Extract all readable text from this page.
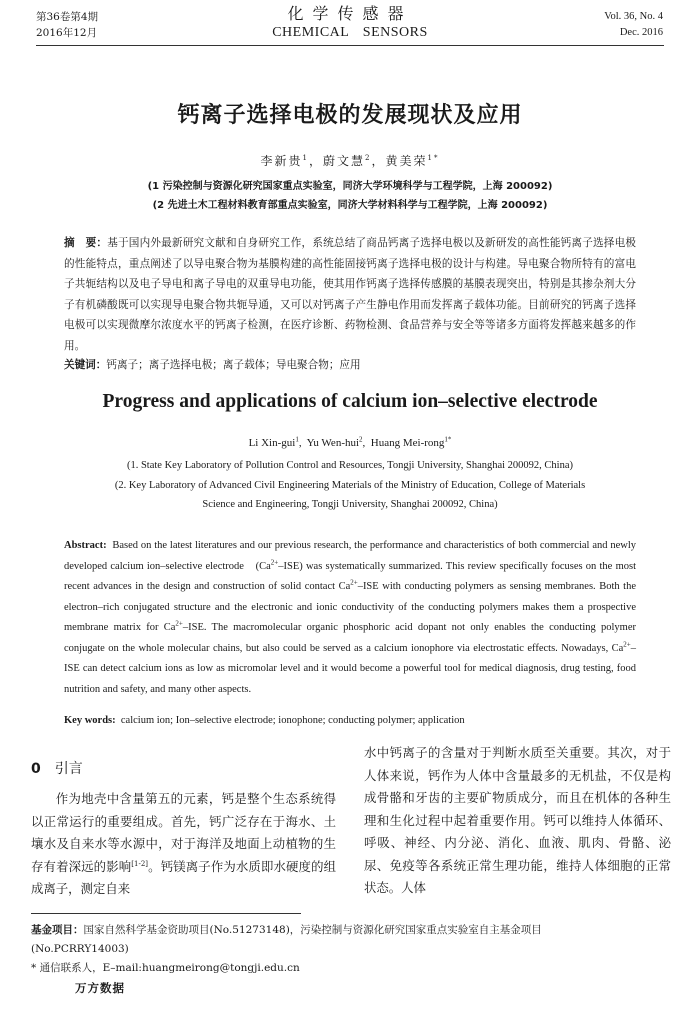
第36卷第4期
2016年12月
化学传感器
CHEMICAL SENSORS
Vol. 36, No. 4
Dec. 2016
钙离子选择电极的发展现状及应用
李新贵$^1$，蔚文慧$^2$，黄美荣$^{1*}$
(1 污染控制与资源化研究国家重点实验室，同济大学环境科学与工程学院，上海 200092)
(2 先进土木工程材料教育部重点实验室，同济大学材料科学与工程学院，上海 200092)
摘　要：基于国内外最新研究文献和自身研究工作，系统总结了商品钙离子选择电极以及新研发的高性能钙离子选择电极的性能特点，重点阐述了以导电聚合物为基膜构建的高性能固接钙离子选择电极的设计与构建。导电聚合物所特有的富电子共轭结构以及电子导电和离子导电的双重导电功能，使其用作钙离子选择传感膜的基膜表现突出，特别是其掺杂剂大分子有机磷酸既可以实现导电聚合物共轭导通，又可以对钙离子产生静电作用而发挥离子载体功能。目前研究的钙离子选择电极可以实现微摩尔浓度水平的钙离子检测，在医疗诊断、药物检测、食品营养与安全等等诸多方面将发挥越来越多的作用。
关键词：钙离子；离子选择电极；离子载体；导电聚合物；应用
Progress and applications of calcium ion–selective electrode
Li Xin-gui$^1$,  Yu Wen-hui$^2$,  Huang Mei-rong$^{1*}$
(1. State Key Laboratory of Pollution Control and Resources, Tongji University, Shanghai 200092, China)
(2. Key Laboratory of Advanced Civil Engineering Materials of the Ministry of Education, College of Materials
Science and Engineering, Tongji University, Shanghai 200092, China)
Abstract: Based on the latest literatures and our previous research, the performance and characteristics of both commercial and newly developed calcium ion–selective electrode　$(Ca^{2+}-ISE)$ was systematically summarized. This review specifically focuses on the most recent advances in the design and construction of solid contact $Ca^{2+}$–ISE with conducting polymers as sensing membranes. Both the electron–rich conjugated structure and the electronic and ionic conductivity of the conducting polymers makes them a prospective membrane matrix for $Ca^{2+}$–ISE. The macromolecular organic phosphoric acid dopant not only enables the conducting polymer conjugate on the whole molecular chains, but also could be served as a calcium ionophore via electrostatic effects. Nowadays, $Ca^{2+}$–ISE can detect calcium ions as low as micromolar level and it would become a powerful tool for medical diagnosis, drug testing, food nutrition and safety, and many other aspects.
Key words: calcium ion; Ion–selective electrode; ionophone; conducting polymer; application
0 引言
作为地壳中含量第五的元素，钙是整个生态系统得以正常运行的重要组成。首先，钙广泛存在于海水、土壤水及自来水等水源中，对于海洋及地面上动植物的生存有着深远的影响[1-2]。钙镁离子作为水质即水硬度的组成离子，测定自来
水中钙离子的含量对于判断水质至关重要。其次，对于人体来说，钙作为人体中含量最多的无机盐，不仅是构成骨骼和牙齿的主要矿物质成分，而且在机体的各种生理和生化过程中起着重要作用。钙可以维持人体循环、呼吸、神经、内分泌、消化、血液、肌肉、骨骼、泌尿、免疫等各系统正常生理功能，维持人体细胞的正常状态。人体
基金项目：国家自然科学基金资助项目(No.51273148)，污染控制与资源化研究国家重点实验室自主基金项目(No.PCRRY14003)
* 通信联系人，E–mail:huangmeirong@tongji.edu.cn
万方数据
